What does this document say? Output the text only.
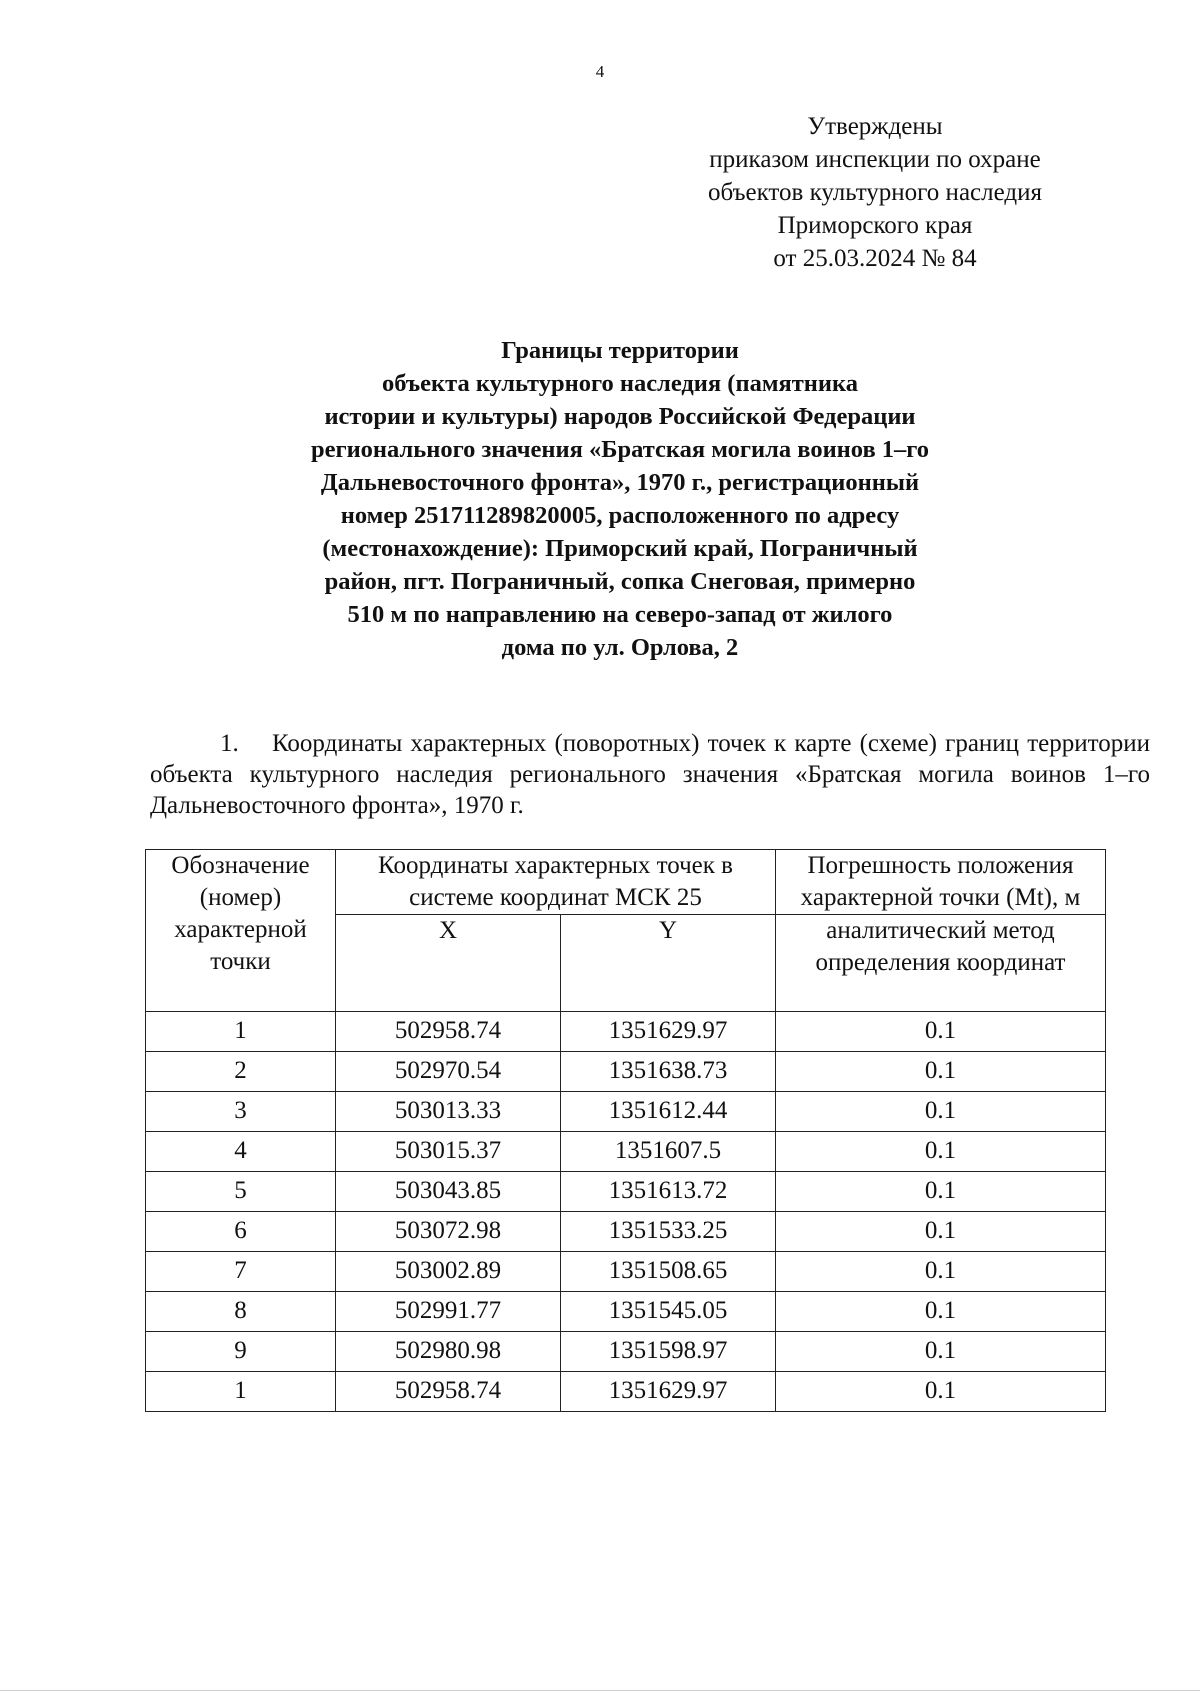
4
Утверждены
приказом инспекции по охране
объектов культурного наследия
Приморского края
от 25.03.2024 № 84
Границы территории
объекта культурного наследия (памятника
истории и культуры) народов Российской Федерации
регионального значения «Братская могила воинов 1–го
Дальневосточного фронта», 1970 г., регистрационный
номер 251711289820005, расположенного по адресу
(местонахождение): Приморский край, Пограничный
район, пгт. Пограничный, сопка Снеговая, примерно
510 м по направлению на северо-запад от жилого
дома по ул. Орлова, 2
1. Координаты характерных (поворотных) точек к карте (схеме) границ территории объекта культурного наследия регионального значения «Братская могила воинов 1–го Дальневосточного фронта», 1970 г.
Обозначение (номер) характерной точки	Координаты характерных точек в системе координат МСК 25		Погрешность положения характерной точки (Mt), м
	X	Y	аналитический метод определения координат
1	502958.74	1351629.97	0.1
2	502970.54	1351638.73	0.1
3	503013.33	1351612.44	0.1
4	503015.37	1351607.5	0.1
5	503043.85	1351613.72	0.1
6	503072.98	1351533.25	0.1
7	503002.89	1351508.65	0.1
8	502991.77	1351545.05	0.1
9	502980.98	1351598.97	0.1
1	502958.74	1351629.97	0.1
